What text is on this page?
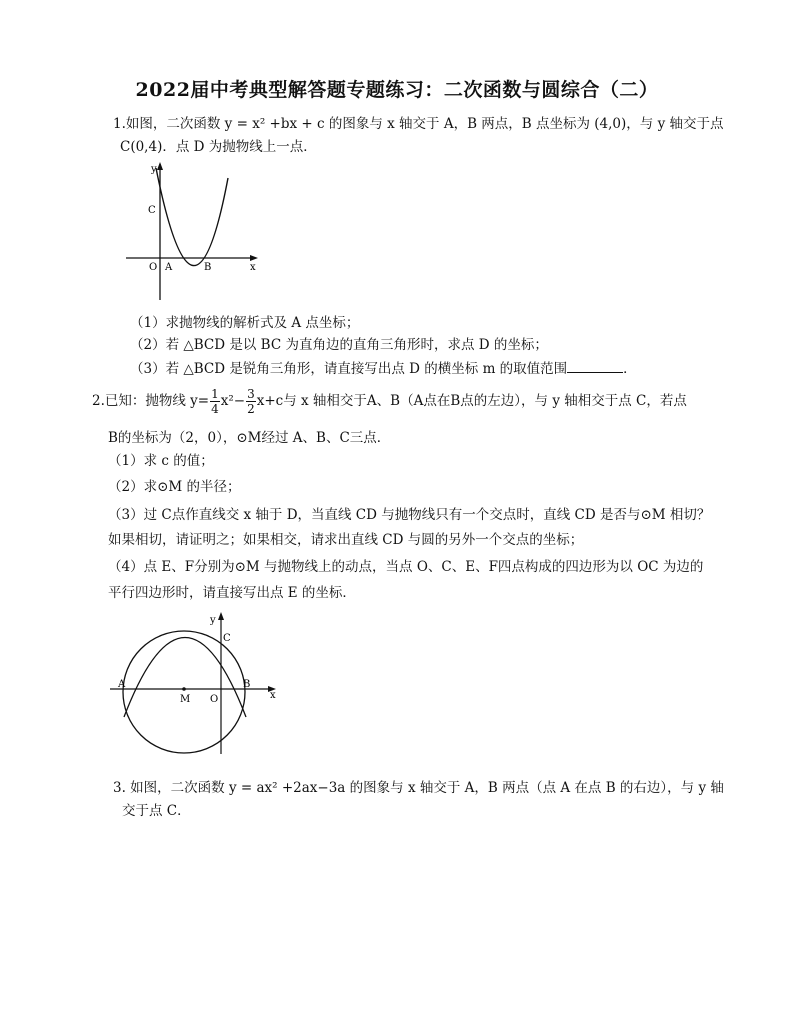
2022届中考典型解答题专题练习：二次函数与圆综合（二）
1.如图，二次函数 y = x² +bx + c 的图象与 x 轴交于 A，B 两点，B 点坐标为 (4,0)，与 y 轴交于点
C(0,4)．点 D 为抛物线上一点．
y
C
O A	B	x
（1）求抛物线的解析式及 A 点坐标；
（2）若 △BCD 是以 BC 为直角边的直角三角形时，求点 D 的坐标；
（3）若 △BCD 是锐角三角形，请直接写出点 D 的横坐标 m 的取值范围	．
2.已知：抛物线 $y= \frac{1}{4} x^2- \frac{3}{2} x+c$与 x 轴相交于A、B（A点在B点的左边），与 y 轴相交于点 C，若点
B的坐标为（2，0），⊙M经过 A、B、C三点．
（1）求 c 的值；
（2）求⊙M 的半径；
（3）过 C点作直线交 x 轴于 D，当直线 CD 与抛物线只有一个交点时，直线 CD 是否与⊙M 相切？
如果相切，请证明之；如果相交，请求出直线 CD 与圆的另外一个交点的坐标；
（4）点 E、F分别为⊙M 与抛物线上的动点，当点 O、C、E、F四点构成的四边形为以 OC 为边的
平行四边形时，请直接写出点 E 的坐标．
y
C
A
M O
B
x
3. 如图，二次函数 y = ax² +2ax−3a 的图象与 x 轴交于 A，B 两点（点 A 在点 B 的右边），与 y 轴
交于点 C．
